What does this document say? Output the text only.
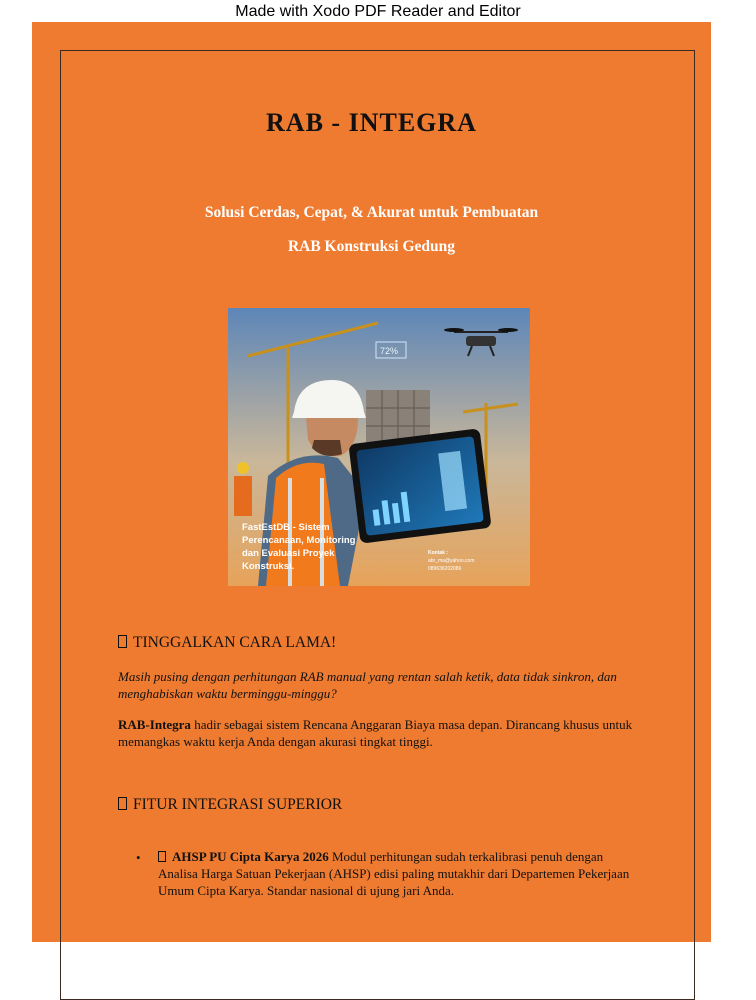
Made with Xodo PDF Reader and Editor
RAB - INTEGRA
Solusi Cerdas, Cepat, & Akurat untuk Pembuatan
RAB Konstruksi Gedung
72%
FastEstDB - Sistem
Perencanaan, Monitoring
dan Evaluasi Proyek
Konstruksi.
Kontak :
abr_ma@yahoo.com
089636202086
TINGGALKAN CARA LAMA!
Masih pusing dengan perhitungan RAB manual yang rentan salah ketik, data tidak sinkron, dan menghabiskan waktu berminggu-minggu?
RAB-Integra hadir sebagai sistem Rencana Anggaran Biaya masa depan. Dirancang khusus untuk memangkas waktu kerja Anda dengan akurasi tingkat tinggi.
FITUR INTEGRASI SUPERIOR
•	AHSP PU Cipta Karya 2026 Modul perhitungan sudah terkalibrasi penuh dengan Analisa Harga Satuan Pekerjaan (AHSP) edisi paling mutakhir dari Departemen Pekerjaan Umum Cipta Karya. Standar nasional di ujung jari Anda.
